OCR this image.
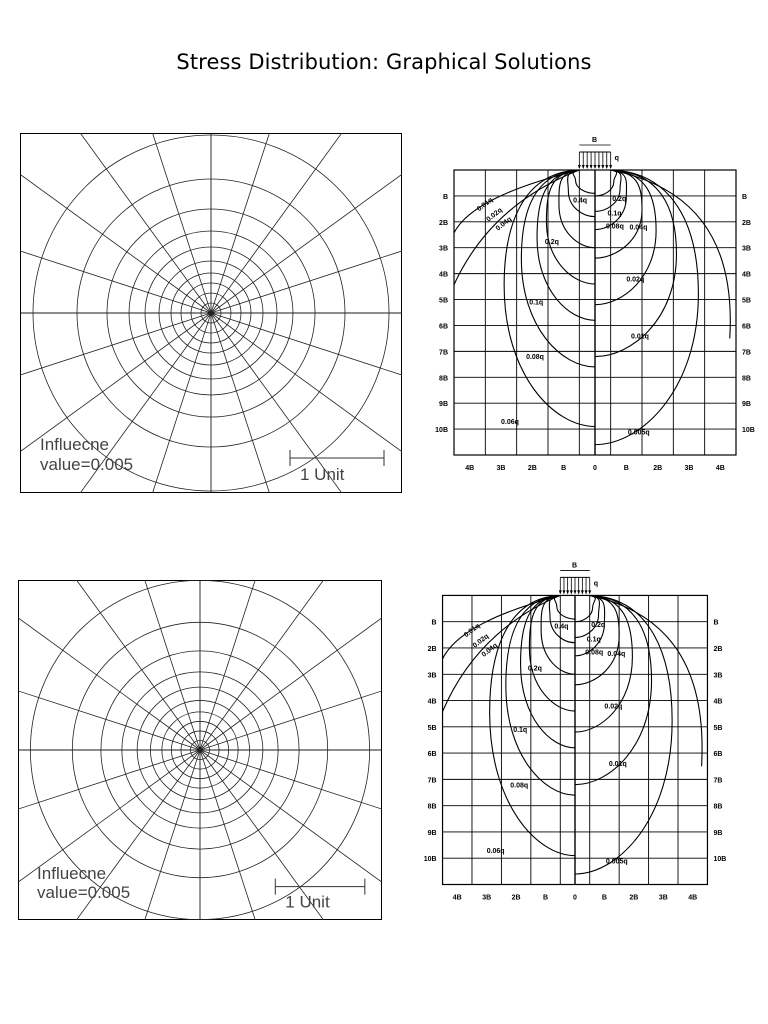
Stress Distribution: Graphical Solutions
Influecne
value=0.005
1 Unit
B
q
B	B
2B	2B
3B	3B
4B	4B
5B	5B
6B	6B
7B	7B
8B	8B
9B	9B
10B	10B
4B	3B	2B	B	0	B	2B	3B	4B
0.01q
0.02q
0.04q
0.4q
0.2q
0.1q
0.08q
0.06q
0.2q
0.1q
0.08q 0.04q
0.02q
0.01q
0.005q
Influecne
value=0.005
1 Unit
B
q
B	B
2B	2B
3B	3B
4B	4B
5B	5B
6B	6B
7B	7B
8B	8B
9B	9B
10B	10B
4B	3B	2B	B	0	B	2B	3B	4B
0.01q
0.02q
0.04q
0.4q
0.2q
0.1q
0.08q
0.06q
0.2q
0.1q
0.08q 0.04q
0.02q
0.01q
0.005q
